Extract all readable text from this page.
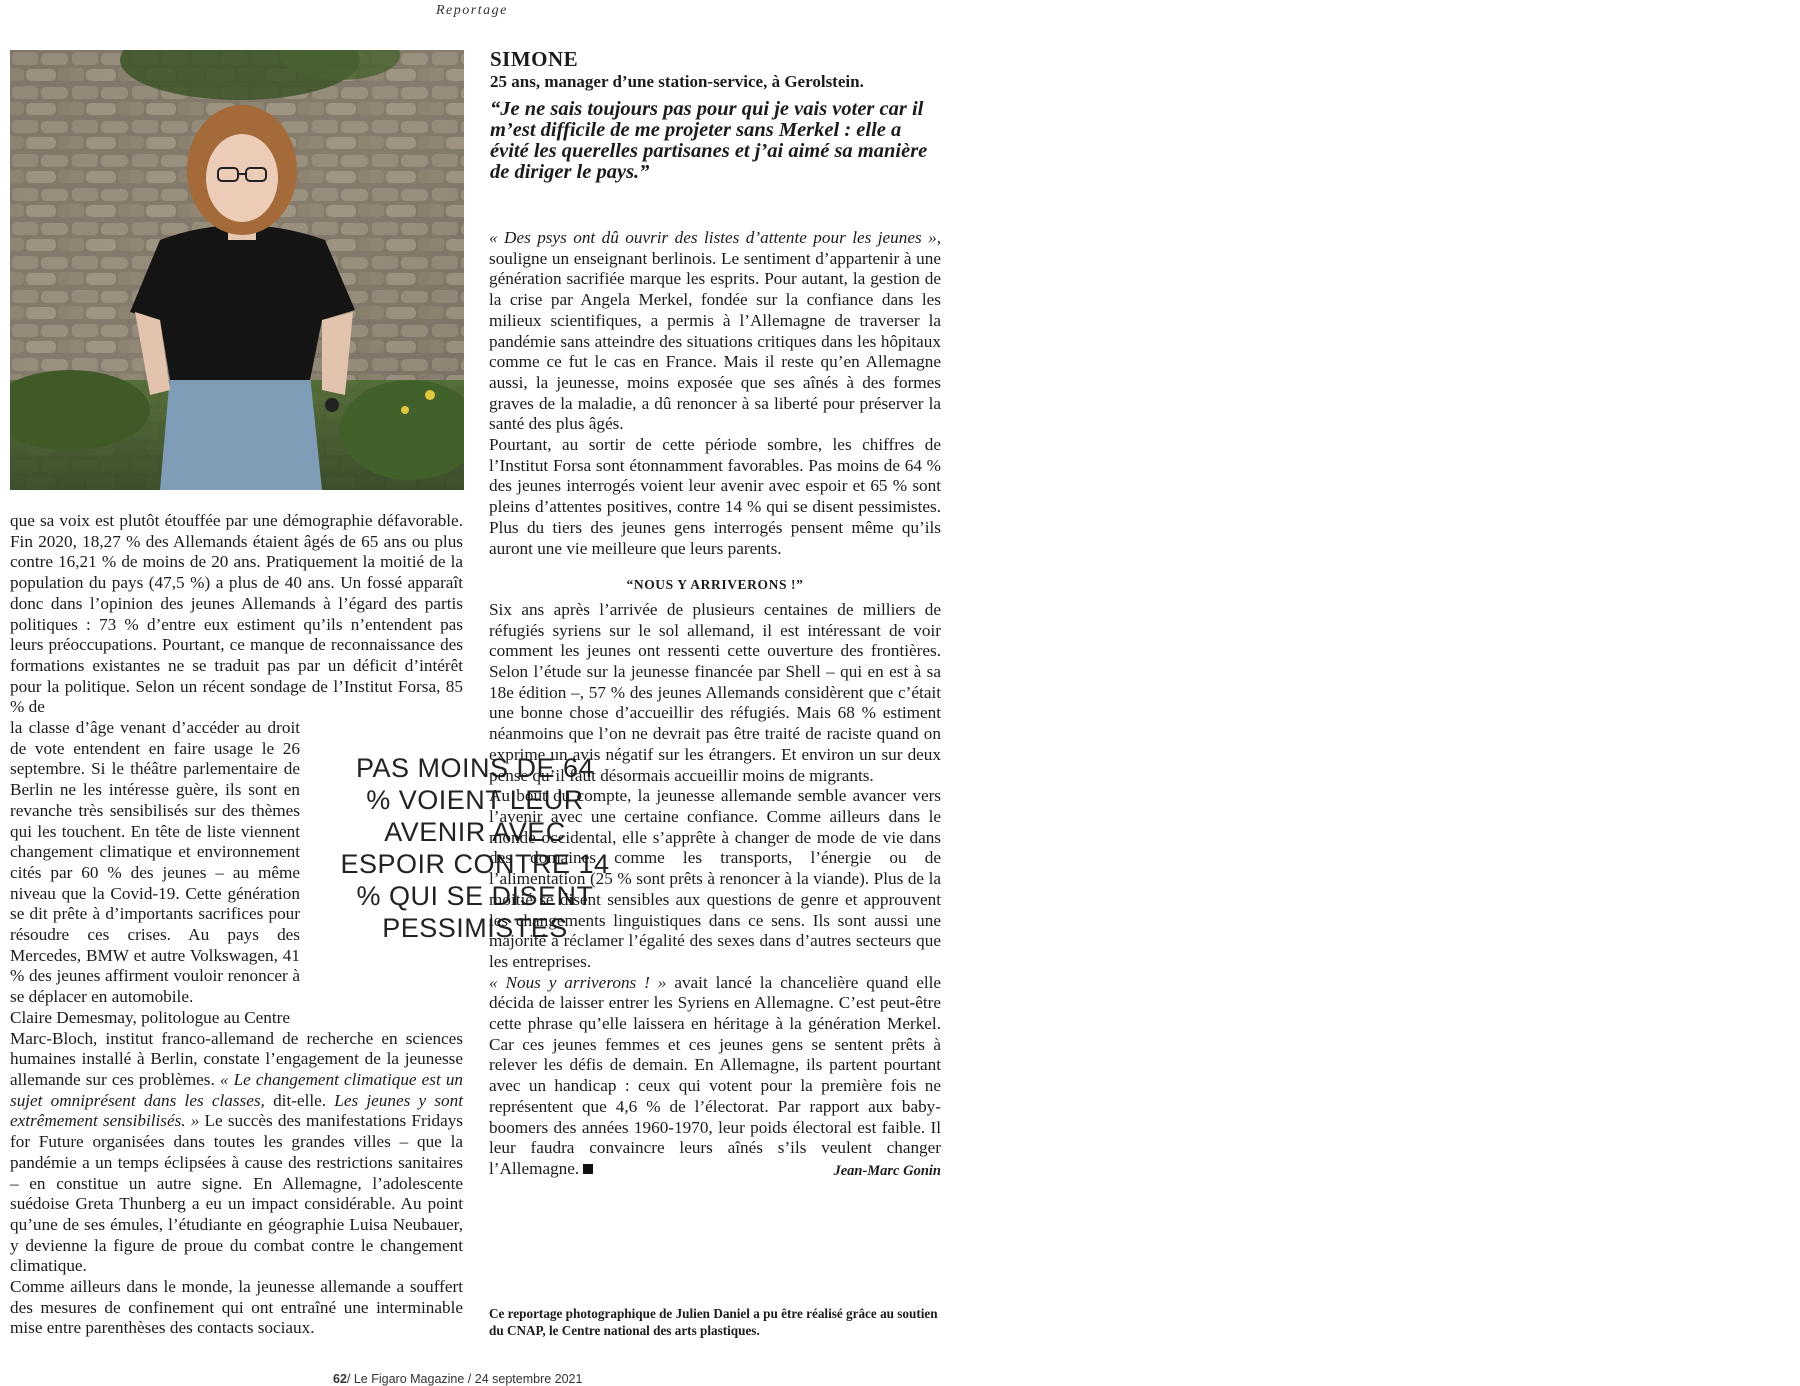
Reportage
SIMONE
25 ans, manager d’une station-service, à Gerolstein.
“Je ne sais toujours pas pour qui je vais voter car il m’est difficile de me projeter sans Merkel : elle a évité les querelles partisanes et j’ai aimé sa manière de diriger le pays.”

que sa voix est plutôt étouffée par une démographie défavorable. Fin 2020, 18,27 % des Allemands étaient âgés de 65 ans ou plus contre 16,21 % de moins de 20 ans. Pratiquement la moitié de la population du pays (47,5 %) a plus de 40 ans. Un fossé apparaît donc dans l’opinion des jeunes Allemands à l’égard des partis politiques : 73 % d’entre eux estiment qu’ils n’entendent pas leurs préoccupations. Pourtant, ce manque de reconnaissance des formations existantes ne se traduit pas par un déficit d’intérêt pour la politique. Selon un récent sondage de l’Institut Forsa, 85 % de

la classe d’âge venant d’accéder au droit de vote entendent en faire usage le 26 septembre. Si le théâtre parlementaire de Berlin ne les intéresse guère, ils sont en revanche très sensibilisés sur des thèmes qui les touchent. En tête de liste viennent changement climatique et environnement cités par 60 % des jeunes – au même niveau que la Covid-19. Cette génération se dit prête à d’importants sacrifices pour résoudre ces crises. Au pays des Mercedes, BMW et autre Volkswagen, 41 % des jeunes affirment vouloir renoncer à se déplacer en automobile.

Claire Demesmay, politologue au Centre

Marc-Bloch, institut franco-allemand de recherche en sciences humaines installé à Berlin, constate l’engagement de la jeunesse allemande sur ces problèmes. « Le changement climatique est un sujet omniprésent dans les classes, dit-elle. Les jeunes y sont extrêmement sensibilisés. » Le succès des manifestations Fridays for Future organisées dans toutes les grandes villes – que la pandémie a un temps éclipsées à cause des restrictions sanitaires – en constitue un autre signe. En Allemagne, l’adolescente suédoise Greta Thunberg a eu un impact considérable. Au point qu’une de ses émules, l’étudiante en géographie Luisa Neubauer, y devienne la figure de proue du combat contre le changement climatique.

Comme ailleurs dans le monde, la jeunesse allemande a souffert des mesures de confinement qui ont entraîné une interminable mise entre parenthèses des contacts sociaux.

PAS MOINS DE 64 % VOIENT LEUR AVENIR AVEC ESPOIR CONTRE 14 % QUI SE DISENT PESSIMISTES

« Des psys ont dû ouvrir des listes d’attente pour les jeunes », souligne un enseignant berlinois. Le sentiment d’appartenir à une génération sacrifiée marque les esprits. Pour autant, la gestion de la crise par Angela Merkel, fondée sur la confiance dans les milieux scientifiques, a permis à l’Allemagne de traverser la pandémie sans atteindre des situations critiques dans les hôpitaux comme ce fut le cas en France. Mais il reste qu’en Allemagne aussi, la jeunesse, moins exposée que ses aînés à des formes graves de la maladie, a dû renoncer à sa liberté pour préserver la santé des plus âgés.

Pourtant, au sortir de cette période sombre, les chiffres de l’Institut Forsa sont étonnamment favorables. Pas moins de 64 % des jeunes interrogés voient leur avenir avec espoir et 65 % sont pleins d’attentes positives, contre 14 % qui se disent pessimistes. Plus du tiers des jeunes gens interrogés pensent même qu’ils auront une vie meilleure que leurs parents.

“NOUS Y ARRIVERONS !”

Six ans après l’arrivée de plusieurs centaines de milliers de réfugiés syriens sur le sol allemand, il est intéressant de voir comment les jeunes ont ressenti cette ouverture des frontières. Selon l’étude sur la jeunesse financée par Shell – qui en est à sa 18e édition –, 57 % des jeunes Allemands considèrent que c’était une bonne chose d’accueillir des réfugiés. Mais 68 % estiment néanmoins que l’on ne devrait pas être traité de raciste quand on exprime un avis négatif sur les étrangers. Et environ un sur deux pense qu’il faut désormais accueillir moins de migrants.

Au bout du compte, la jeunesse allemande semble avancer vers l’avenir avec une certaine confiance. Comme ailleurs dans le monde occidental, elle s’apprête à changer de mode de vie dans des domaines comme les transports, l’énergie ou de l’alimentation (25 % sont prêts à renoncer à la viande). Plus de la moitié se disent sensibles aux questions de genre et approuvent les changements linguistiques dans ce sens. Ils sont aussi une majorité à réclamer l’égalité des sexes dans d’autres secteurs que les entreprises.

« Nous y arriverons ! » avait lancé la chancelière quand elle décida de laisser entrer les Syriens en Allemagne. C’est peut-être cette phrase qu’elle laissera en héritage à la génération Merkel. Car ces jeunes femmes et ces jeunes gens se sentent prêts à relever les défis de demain. En Allemagne, ils partent pourtant avec un handicap : ceux qui votent pour la première fois ne représentent que 4,6 % de l’électorat. Par rapport aux baby-boomers des années 1960-1970, leur poids électoral est faible. Il leur faudra convaincre leurs aînés s’ils veulent changer l’Allemagne.	Jean-Marc Gonin

Ce reportage photographique de Julien Daniel a pu être réalisé grâce au soutien du CNAP, le Centre national des arts plastiques.
62/ Le Figaro Magazine / 24 septembre 2021
